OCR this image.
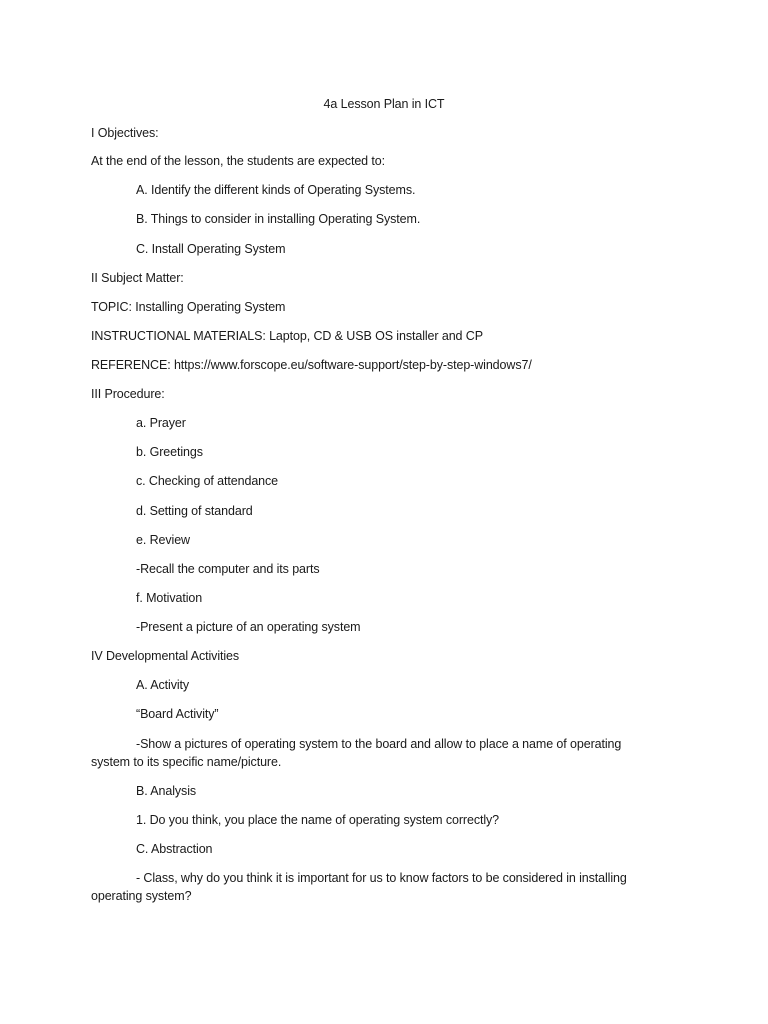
4a Lesson Plan in ICT
I Objectives:
At the end of the lesson, the students are expected to:
A. Identify the different kinds of Operating Systems.
B. Things to consider in installing Operating System.
C. Install Operating System
II Subject Matter:
TOPIC: Installing Operating System
INSTRUCTIONAL MATERIALS: Laptop, CD & USB OS installer and CP
REFERENCE: https://www.forscope.eu/software-support/step-by-step-windows7/
III Procedure:
a. Prayer
b. Greetings
c. Checking of attendance
d. Setting of standard
e. Review
-Recall the computer and its parts
f. Motivation
-Present a picture of an operating system
IV Developmental Activities
A. Activity
“Board Activity”
-Show a pictures of operating system to the board and allow to place a name of operating
system to its specific name/picture.
B. Analysis
1. Do you think, you place the name of operating system correctly?
C. Abstraction
- Class, why do you think it is important for us to know factors to be considered in installing
operating system?
